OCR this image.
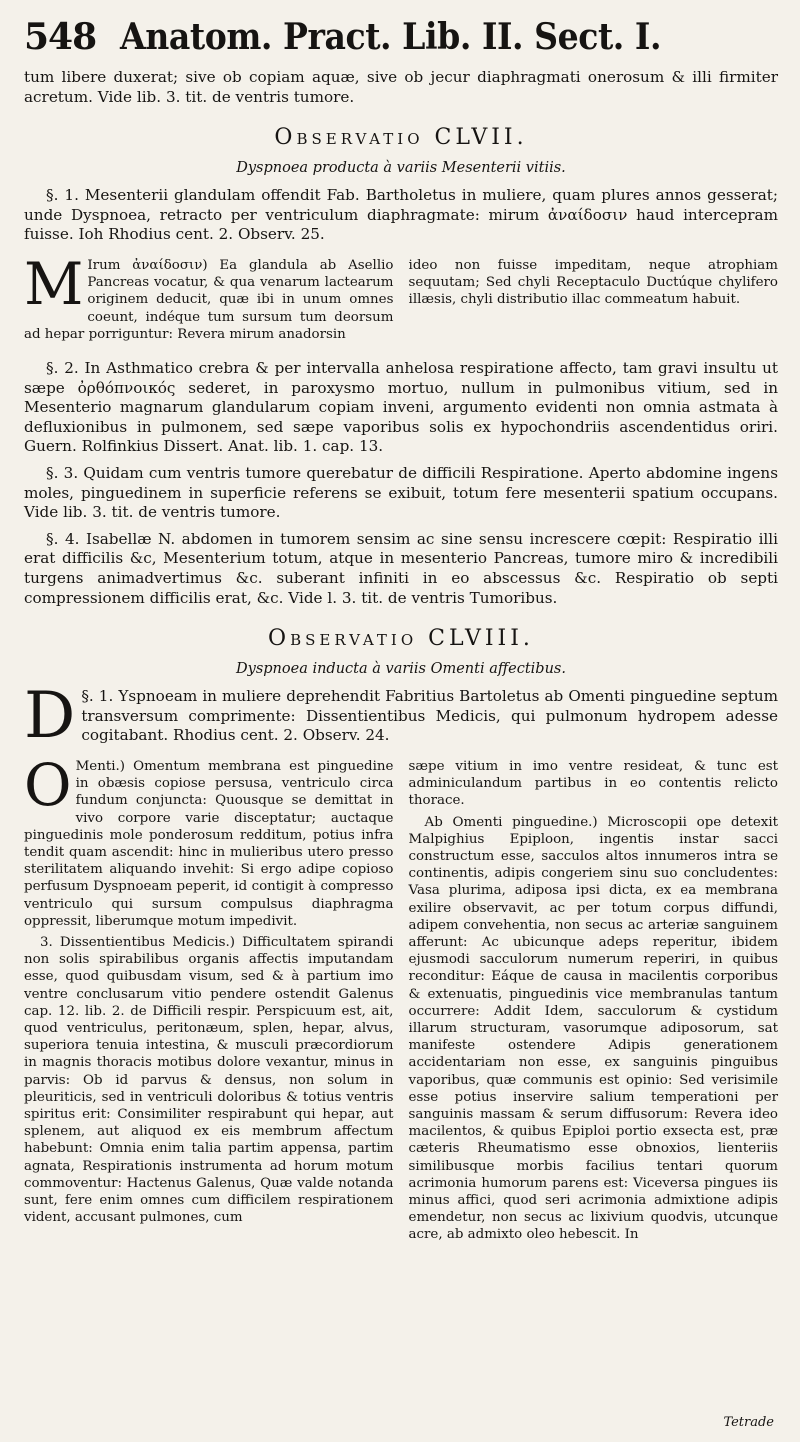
548 Anatom. Pract. Lib. II. Sect. I.

tum libere duxerat; sive ob copiam aquæ, sive ob jecur diaphragmati onerosum & illi firmiter acretum. Vide lib. 3. tit. de ventris tumore.

Observatio CLVII.
Dyspnoea producta à variis Mesenterii vitiis.

§. 1. Mesenterii glandulam offendit Fab. Bartholetus in muliere, quam plures annos gesserat; unde Dyspnoea, retracto per ventriculum diaphragmate: mirum ἀναίδοσιν haud intercepram fuisse. Ioh Rhodius cent. 2. Observ. 25.

M Irum ἀναίδοσιν) Ea glandula ab Asellio Pancreas vocatur, & qua venarum lactearum originem deducit, quæ ibi in unum omnes coeunt, indéque tum sursum tum deorsum ad hepar porriguntur: Revera mirum anadorsin

ideo non fuisse impeditam, neque atrophiam sequutam; Sed chyli Receptaculo Ductúque chylifero illæsis, chyli distributio illac commeatum habuit.

§. 2. In Asthmatico crebra & per intervalla anhelosa respiratione affecto, tam gravi insultu ut sæpe ὀρθόπνοικός sederet, in paroxysmo mortuo, nullum in pulmonibus vitium, sed in Mesenterio magnarum glandularum copiam inveni, argumento evidenti non omnia astmata à defluxionibus in pulmonem, sed sæpe vaporibus solis ex hypochondriis ascendentidus oriri. Guern. Rolfinkius Dissert. Anat. lib. 1. cap. 13.

§. 3. Quidam cum ventris tumore querebatur de difficili Respiratione. Aperto abdomine ingens moles, pinguedinem in superficie referens se exibuit, totum fere mesenterii spatium occupans. Vide lib. 3. tit. de ventris tumore.

§. 4. Isabellæ N. abdomen in tumorem sensim ac sine sensu increscere cœpit: Respiratio illi erat difficilis &c, Mesenterium totum, atque in mesenterio Pancreas, tumore miro & incredibili turgens animadvertimus &c. suberant infiniti in eo abscessus &c. Respiratio ob septi compressionem difficilis erat, &c. Vide l. 3. tit. de ventris Tumoribus.

Observatio CLVIII.
Dyspnoea inducta à variis Omenti affectibus.

§. 1.
D	Yspnoeam in muliere deprehendit Fabritius Bartoletus ab Omenti pinguedine septum transversum comprimente: Dissentientibus Medicis, qui pulmonum hydropem adesse cogitabant. Rhodius cent. 2. Observ. 24.

O Menti.) Omentum membrana est pinguedine in obæsis copiose persusa, ventriculo circa fundum conjuncta: Quousque se demittat in vivo corpore varie disceptatur; auctaque pinguedinis mole ponderosum redditum, potius infra tendit quam ascendit: hinc in mulieribus utero presso sterilitatem aliquando invehit: Si ergo adipe copioso perfusum Dyspnoeam peperit, id contigit à compresso ventriculo qui sursum compulsus diaphragma oppressit, liberumque motum impedivit.

3. Dissentientibus Medicis.) Difficultatem spirandi non solis spirabilibus organis affectis imputandam esse, quod quibusdam visum, sed & à partium imo ventre conclusarum vitio pendere ostendit Galenus cap. 12. lib. 2. de Difficili respir. Perspicuum est, ait, quod ventriculus, peritonæum, splen, hepar, alvus, superiora tenuia intestina, & musculi præcordiorum in magnis thoracis motibus dolore vexantur, minus in parvis: Ob id parvus & densus, non solum in pleuriticis, sed in ventriculi doloribus & totius ventris spiritus erit: Consimiliter respirabunt qui hepar, aut splenem, aut aliquod ex eis membrum affectum habebunt: Omnia enim talia partim appensa, partim agnata, Respirationis instrumenta ad horum motum commoventur: Hactenus Galenus, Quæ valde notanda sunt, fere enim omnes cum difficilem respirationem vident, accusant pulmones, cum

sæpe vitium in imo ventre resideat, & tunc est adminiculandum partibus in eo contentis relicto thorace.

Ab Omenti pinguedine.) Microscopii ope detexit Malpighius Epiploon, ingentis instar sacci constructum esse, sacculos altos innumeros intra se continentis, adipis congeriem sinu suo concludentes: Vasa plurima, adiposa ipsi dicta, ex ea membrana exilire observavit, ac per totum corpus diffundi, adipem convehentia, non secus ac arteriæ sanguinem afferunt: Ac ubicunque adeps reperitur, ibidem ejusmodi sacculorum numerum reperiri, in quibus reconditur: Eáque de causa in macilentis corporibus & extenuatis, pinguedinis vice membranulas tantum occurrere: Addit Idem, sacculorum & cystidum illarum structuram, vasorumque adiposorum, sat manifeste ostendere Adipis generationem accidentariam non esse, ex sanguinis pinguibus vaporibus, quæ communis est opinio: Sed verisimile esse potius inservire salium temperationi per sanguinis massam & serum diffusorum: Revera ideo macilentos, & quibus Epiploi portio exsecta est, præ cæteris Rheumatismo esse obnoxios, lienteriis similibusque morbis facilius tentari quorum acrimonia humorum parens est: Viceversa pingues iis minus affici, quod seri acrimonia admixtione adipis emendetur, non secus ac lixivium quodvis, utcunque acre, ab admixto oleo hebescit. In

Tetrade
